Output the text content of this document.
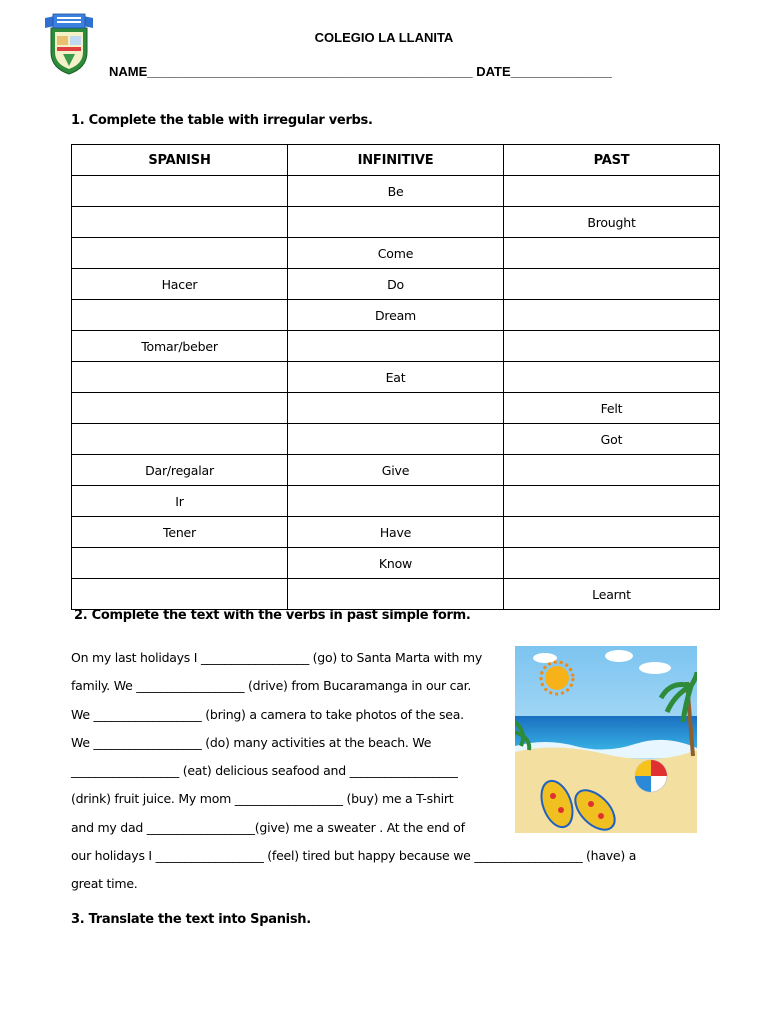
COLEGIO LA LLANITA
NAME_____________________________________________ DATE______________
1. Complete the table with irregular verbs.
SPANISH	INFINITIVE	PAST
	Be	
		Brought
	Come	
Hacer	Do	
	Dream	
Tomar/beber		
	Eat	
		Felt
		Got
Dar/regalar	Give	
Ir		
Tener	Have	
	Know	
		Learnt
2. Complete the text with the verbs in past simple form.
On my last holidays I __________________ (go) to Santa Marta with my
family. We __________________ (drive) from Bucaramanga in our car.
We __________________ (bring) a camera to take photos of the sea.
We __________________ (do) many activities at the beach. We
__________________ (eat) delicious seafood and __________________
(drink) fruit juice. My mom __________________ (buy) me a T-shirt
and my dad __________________(give) me a sweater . At the end of
our holidays I __________________ (feel) tired but happy because we __________________ (have) a
great time.
3. Translate the text into Spanish.
